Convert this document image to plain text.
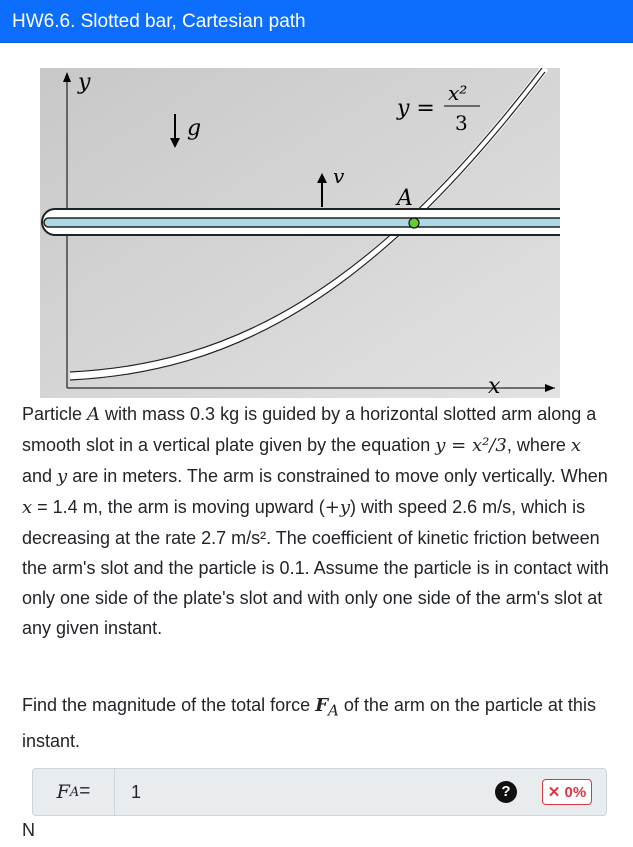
HW6.6. Slotted bar, Cartesian path
y
x
A
g
v
y =
x²
3

Particle A with mass 0.3 kg is guided by a horizontal slotted arm along a smooth slot in a vertical plate given by the equation y = x²/3, where x and y are in meters. The arm is constrained to move only vertically. When x = 1.4 m, the arm is moving upward (+y) with speed 2.6 m/s, which is decreasing at the rate 2.7 m/s². The coefficient of kinetic friction between the arm's slot and the particle is 0.1. Assume the particle is in contact with only one side of the plate's slot and with only one side of the arm's slot at any given instant.

Find the magnitude of the total force $F_A$ of the arm on the particle at this instant.

F A =
1	?	✕ 0%
N
